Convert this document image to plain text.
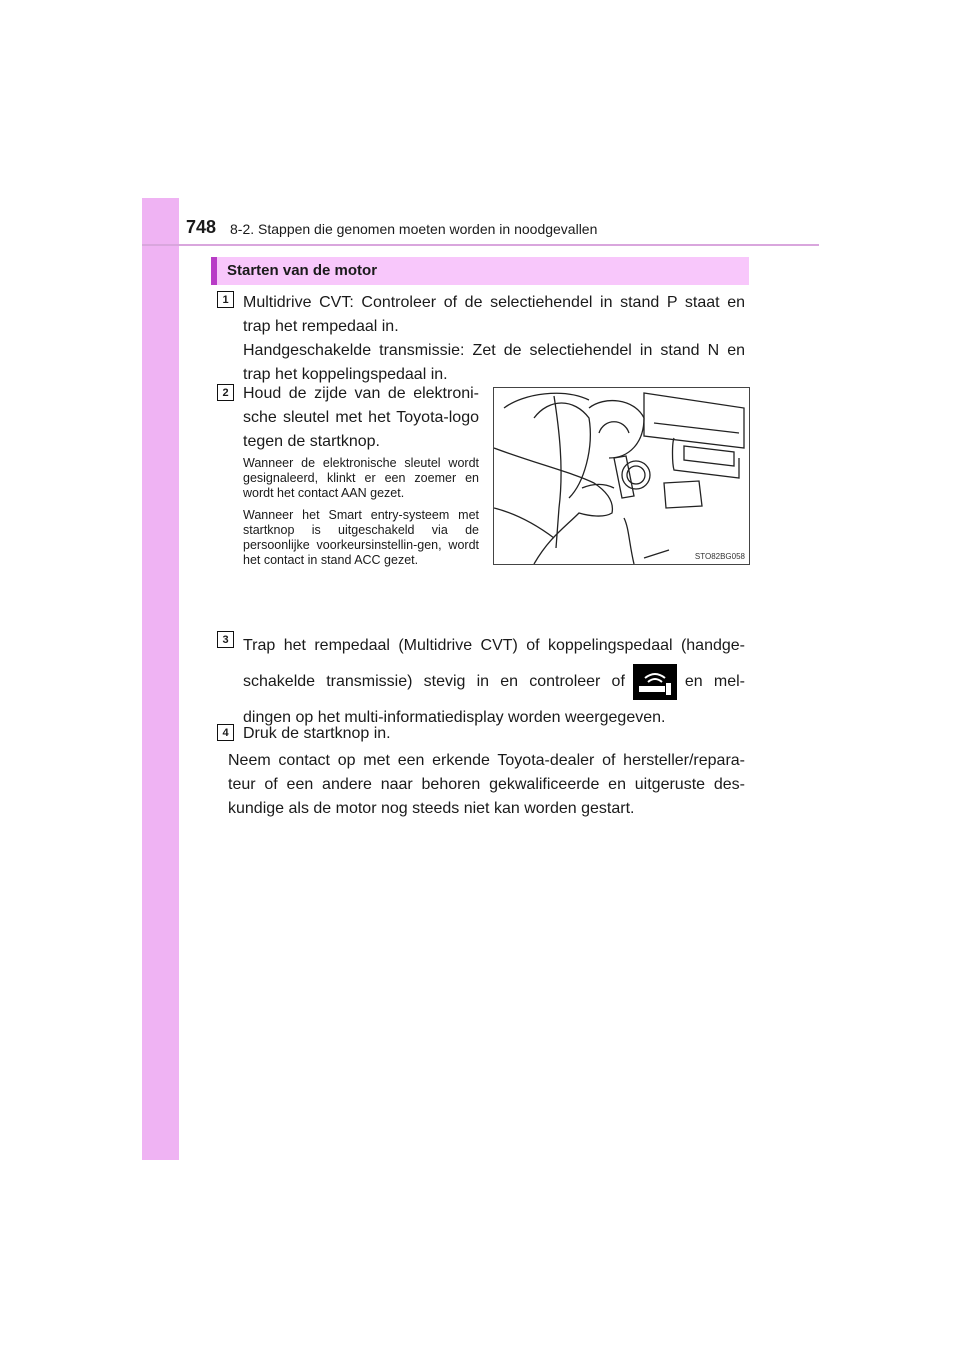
748 8-2. Stappen die genomen moeten worden in noodgevallen
Starten van de motor
1 Multidrive CVT: Controleer of de selectiehendel in stand P staat en trap het rempedaal in.

Handgeschakelde transmissie: Zet de selectiehendel in stand N en trap het koppelingspedaal in.

2 Houd de zijde van de elektroni-sche sleutel met het Toyota-logo tegen de startknop.

Wanneer de elektronische sleutel wordt gesignaleerd, klinkt er een zoemer en wordt het contact AAN gezet.

Wanneer het Smart entry-systeem met startknop is uitgeschakeld via de persoonlijke voorkeursinstellin-gen, wordt het contact in stand ACC gezet.	STO82BG058
3 Trap het rempedaal (Multidrive CVT) of koppelingspedaal (handge-schakelde transmissie) stevig in en controleer of	en mel-dingen op het multi-informatiedisplay worden weergegeven.
4 Druk de startknop in.
Neem contact op met een erkende Toyota-dealer of hersteller/repara-teur of een andere naar behoren gekwalificeerde en uitgeruste des-kundige als de motor nog steeds niet kan worden gestart.
